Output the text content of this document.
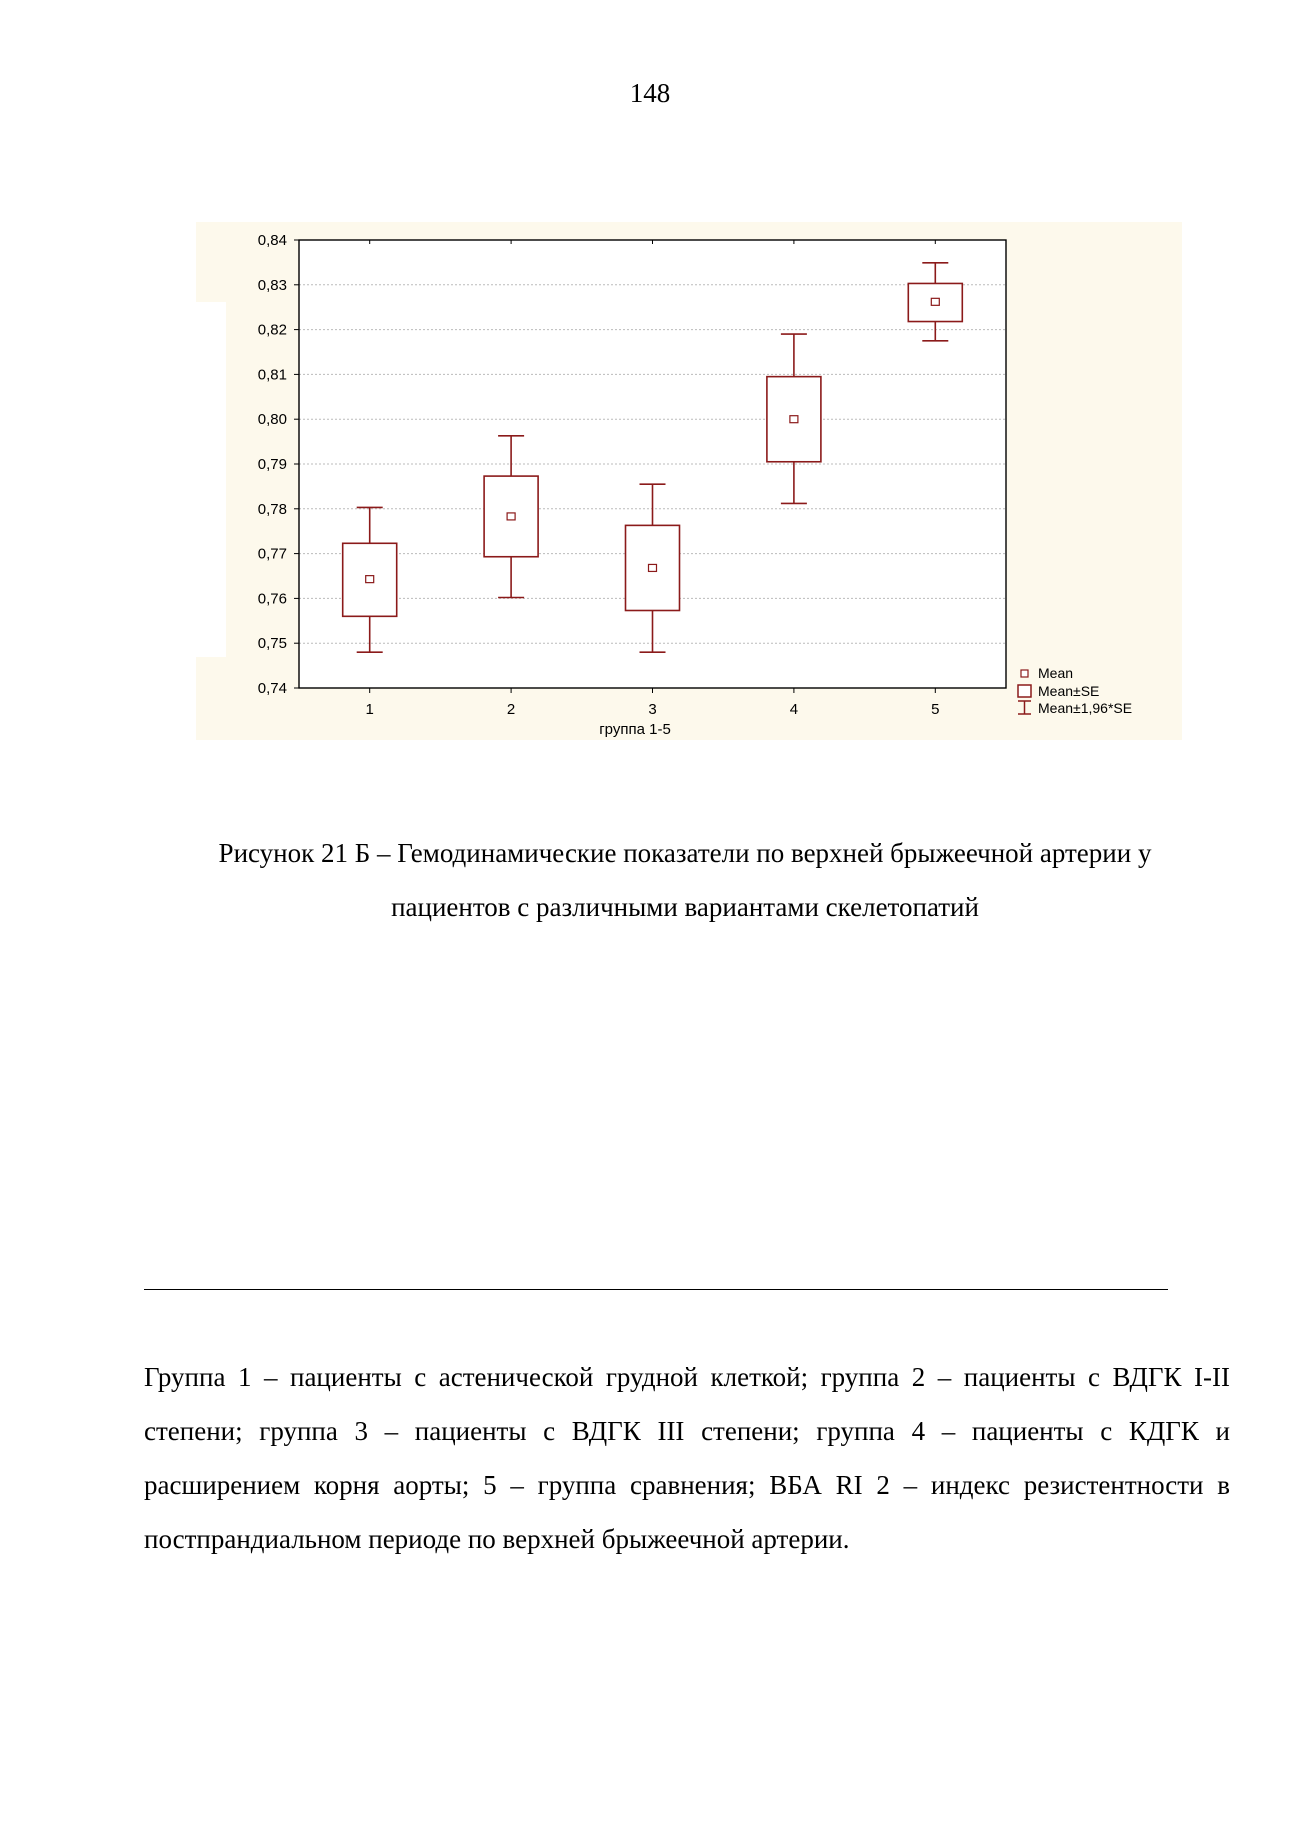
148
0,74
0,75
0,76
0,77
0,78
0,79
0,80
0,81
0,82
0,83
0,84
1	2	3	4	5
группа 1-5
Mean
Mean±SE
Mean±1,96*SE
Рисунок 21 Б – Гемодинамические показатели по верхней брыжеечной артерии у
пациентов с различными вариантами скелетопатий
Группа 1 – пациенты с астенической грудной клеткой; группа 2 – пациенты с ВДГК I-II степени; группа 3 – пациенты с ВДГК III степени; группа 4 – пациенты с КДГК и расширением корня аорты; 5 – группа сравнения; ВБА RI 2 – индекс резистентности в постпрандиальном периоде по верхней брыжеечной артерии.
